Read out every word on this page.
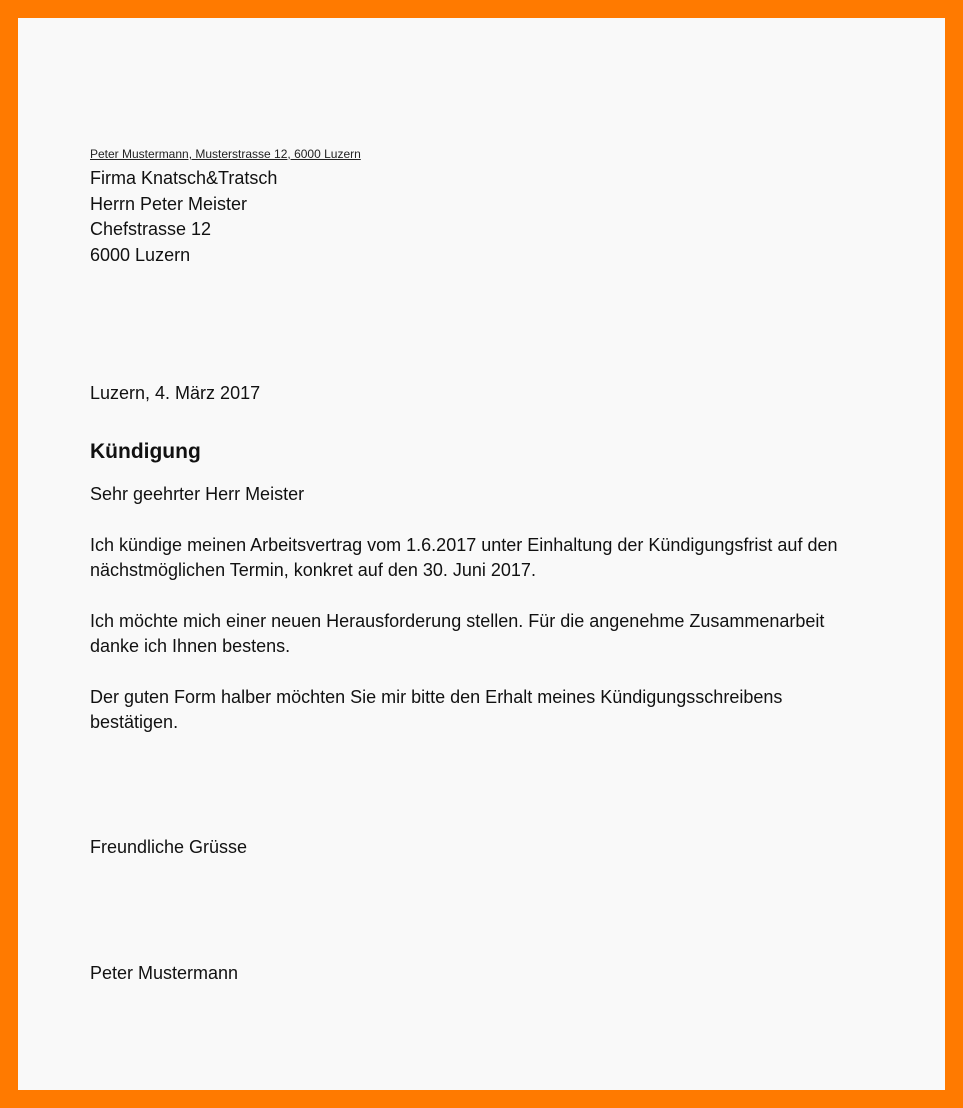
Peter Mustermann, Musterstrasse 12, 6000 Luzern
Firma Knatsch&Tratsch
Herrn Peter Meister
Chefstrasse 12
6000 Luzern
Luzern, 4. März 2017
Kündigung
Sehr geehrter Herr Meister
Ich kündige meinen Arbeitsvertrag vom 1.6.2017 unter Einhaltung der Kündigungsfrist auf den
nächstmöglichen Termin, konkret auf den 30. Juni 2017.
Ich möchte mich einer neuen Herausforderung stellen. Für die angenehme Zusammenarbeit
danke ich Ihnen bestens.
Der guten Form halber möchten Sie mir bitte den Erhalt meines Kündigungsschreibens
bestätigen.
Freundliche Grüsse
Peter Mustermann
